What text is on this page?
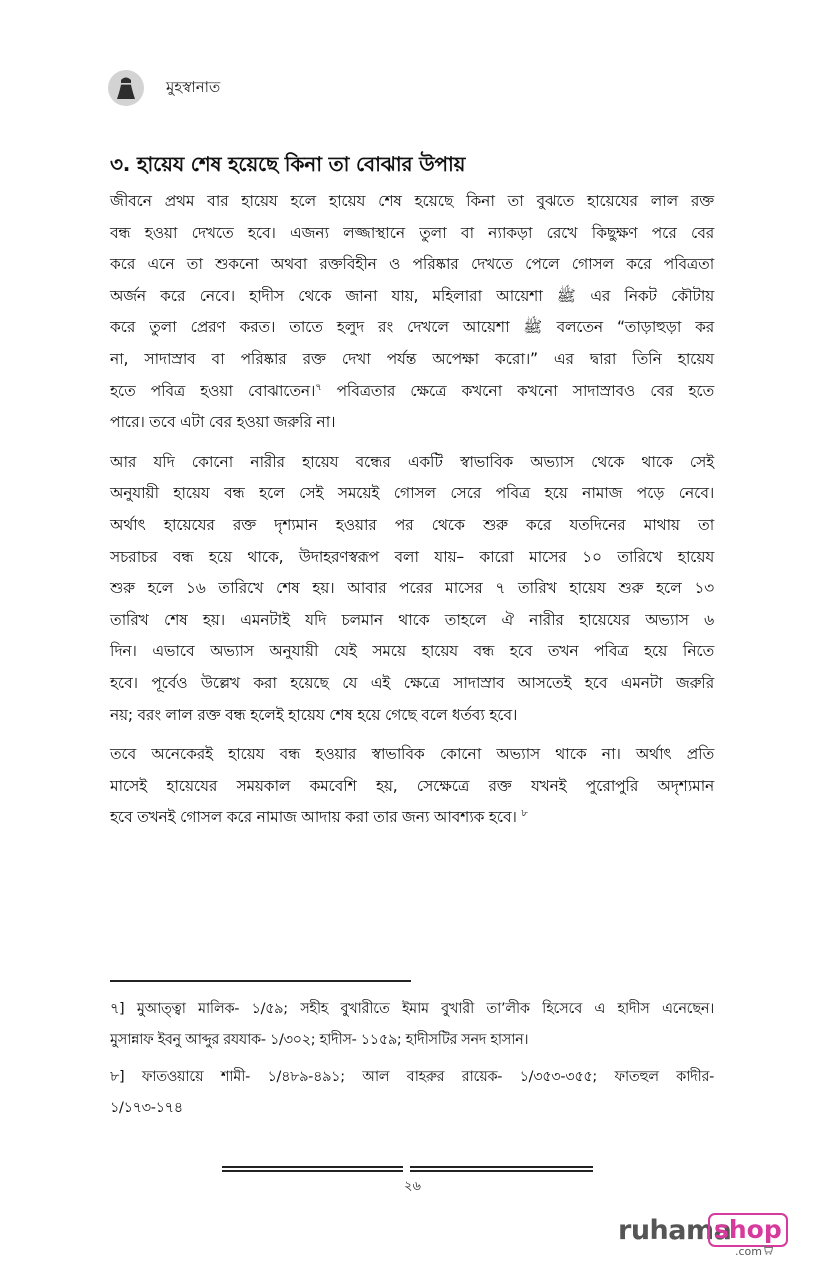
মুহস্বানাত
৩. হায়েয শেষ হয়েছে কিনা তা বোঝার উপায়
জীবনে প্রথম বার হায়েয হলে হায়েয শেষ হয়েছে কিনা তা বুঝতে হায়েযের লাল রক্ত
বন্ধ হওয়া দেখতে হবে। এজন্য লজ্জাস্থানে তুলা বা ন্যাকড়া রেখে কিছুক্ষণ পরে বের
করে এনে তা শুকনো অথবা রক্তবিহীন ও পরিষ্কার দেখতে পেলে গোসল করে পবিত্রতা
অর্জন করে নেবে। হাদীস থেকে জানা যায়, মহিলারা আয়েশা ﷺ এর নিকট কৌটায়
করে তুলা প্রেরণ করত। তাতে হলুদ রং দেখলে আয়েশা ﷺ বলতেন “তাড়াহুড়া কর
না, সাদাস্রাব বা পরিষ্কার রক্ত দেখা পর্যন্ত অপেক্ষা করো।” এর দ্বারা তিনি হায়েয
হতে পবিত্র হওয়া বোঝাতেন।$^৭$ পবিত্রতার ক্ষেত্রে কখনো কখনো সাদাস্রাবও বের হতে
পারে। তবে এটা বের হওয়া জরুরি না।
আর যদি কোনো নারীর হায়েয বন্ধের একটি স্বাভাবিক অভ্যাস থেকে থাকে সেই
অনুযায়ী হায়েয বন্ধ হলে সেই সময়েই গোসল সেরে পবিত্র হয়ে নামাজ পড়ে নেবে।
অর্থাৎ হায়েযের রক্ত দৃশ্যমান হওয়ার পর থেকে শুরু করে যতদিনের মাথায় তা
সচরাচর বন্ধ হয়ে থাকে, উদাহরণস্বরূপ বলা যায়– কারো মাসের ১০ তারিখে হায়েয
শুরু হলে ১৬ তারিখে শেষ হয়। আবার পরের মাসের ৭ তারিখ হায়েয শুরু হলে ১৩
তারিখ শেষ হয়। এমনটাই যদি চলমান থাকে তাহলে ঐ নারীর হায়েযের অভ্যাস ৬
দিন। এভাবে অভ্যাস অনুযায়ী যেই সময়ে হায়েয বন্ধ হবে তখন পবিত্র হয়ে নিতে
হবে। পূর্বেও উল্লেখ করা হয়েছে যে এই ক্ষেত্রে সাদাস্রাব আসতেই হবে এমনটা জরুরি
নয়; বরং লাল রক্ত বন্ধ হলেই হায়েয শেষ হয়ে গেছে বলে ধর্তব্য হবে।
তবে অনেকেরই হায়েয বন্ধ হওয়ার স্বাভাবিক কোনো অভ্যাস থাকে না। অর্থাৎ প্রতি
মাসেই হায়েযের সময়কাল কমবেশি হয়, সেক্ষেত্রে রক্ত যখনই পুরোপুরি অদৃশ্যমান
হবে তখনই গোসল করে নামাজ আদায় করা তার জন্য আবশ্যক হবে। $^৮$
৭] মুআত্ত্বা মালিক- ১/৫৯; সহীহ বুখারীতে ইমাম বুখারী তা’লীক হিসেবে এ হাদীস এনেছেন।
মুসান্নাফ ইবনু আব্দুর রযযাক- ১/৩০২; হাদীস- ১১৫৯; হাদীসটির সনদ হাসান।
৮] ফাতওয়ায়ে শামী- ১/৪৮৯-৪৯১; আল বাহরুর রায়েক- ১/৩৫৩-৩৫৫; ফাতহুল কাদীর-
১/১৭৩-১৭৪
২৬
ruhama
shop
.com
